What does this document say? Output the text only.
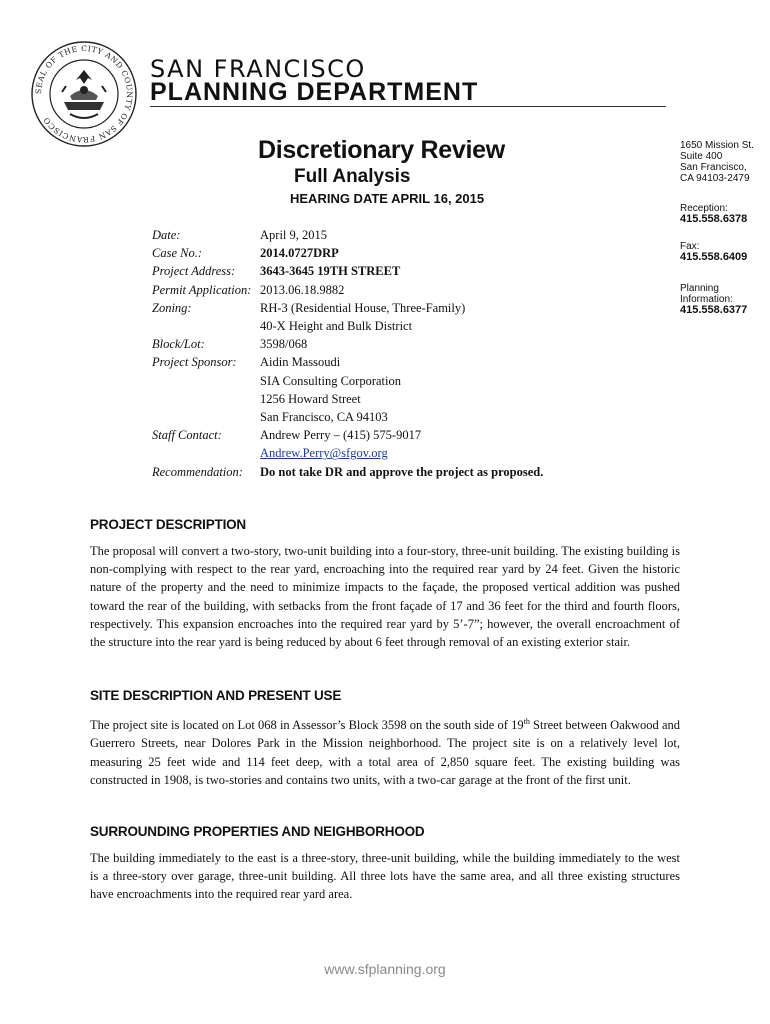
SEAL OF THE CITY AND COUNTY OF SAN FRANCISCO
SAN FRANCISCO
PLANNING DEPARTMENT
Discretionary Review
Full Analysis
HEARING DATE APRIL 16, 2015
1650 Mission St.
Suite 400
San Francisco,
CA 94103-2479
Reception:
415.558.6378
Fax:
415.558.6409
Planning
Information:
415.558.6377
Date:	April 9, 2015
Case No.:	2014.0727DRP
Project Address:	3643-3645 19TH STREET
Permit Application: 2013.06.18.9882
Zoning:	RH-3 (Residential House, Three-Family)
40-X Height and Bulk District
Block/Lot:	3598/068
Project Sponsor:	Aidin Massoudi
SIA Consulting Corporation
1256 Howard Street
San Francisco, CA 94103
Staff Contact:	Andrew Perry – (415) 575-9017
Andrew.Perry@sfgov.org
Recommendation:	Do not take DR and approve the project as proposed.
PROJECT DESCRIPTION

The proposal will convert a two-story, two-unit building into a four-story, three-unit building. The existing building is non-complying with respect to the rear yard, encroaching into the required rear yard by 24 feet. Given the historic nature of the property and the need to minimize impacts to the façade, the proposed vertical addition was pushed toward the rear of the building, with setbacks from the front façade of 17 and 36 feet for the third and fourth floors, respectively. This expansion encroaches into the required rear yard by 5’-7”; however, the overall encroachment of the structure into the rear yard is being reduced by about 6 feet through removal of an existing exterior stair.

SITE DESCRIPTION AND PRESENT USE

The project site is located on Lot 068 in Assessor’s Block 3598 on the south side of 19th Street between Oakwood and Guerrero Streets, near Dolores Park in the Mission neighborhood. The project site is on a relatively level lot, measuring 25 feet wide and 114 feet deep, with a total area of 2,850 square feet. The existing building was constructed in 1908, is two-stories and contains two units, with a two-car garage at the front of the first unit.

SURROUNDING PROPERTIES AND NEIGHBORHOOD

The building immediately to the east is a three-story, three-unit building, while the building immediately to the west is a three-story over garage, three-unit building. All three lots have the same area, and all three existing structures have encroachments into the required rear yard area.

www.sfplanning.org
